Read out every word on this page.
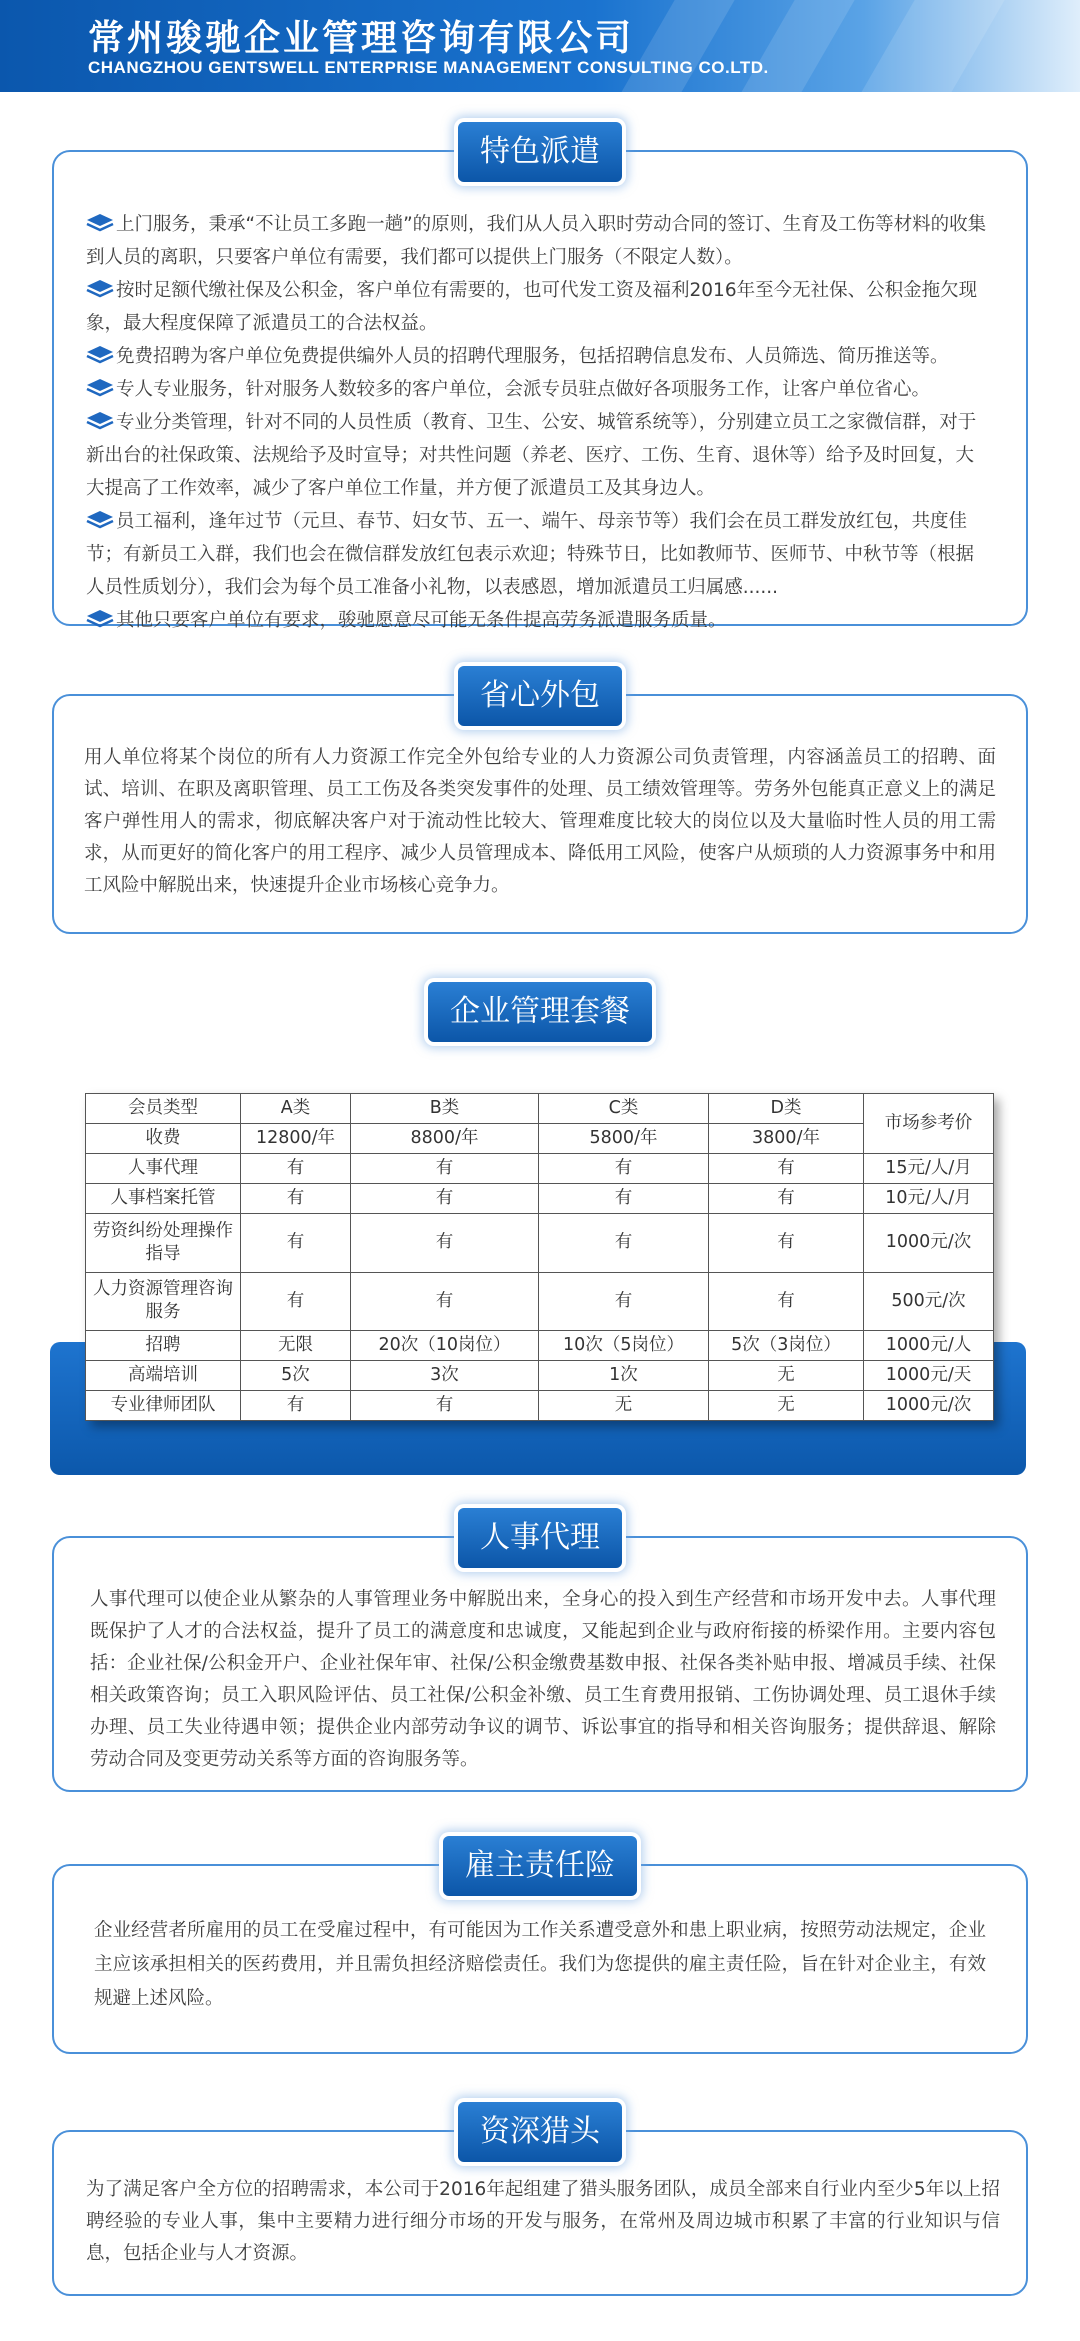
常州骏驰企业管理咨询有限公司
CHANGZHOU GENTSWELL ENTERPRISE MANAGEMENT CONSULTING CO.LTD.
特色派遣
上门服务，秉承“不让员工多跑一趟”的原则，我们从人员入职时劳动合同的签订、生育及工伤等材料的收集到人员的离职，只要客户单位有需要，我们都可以提供上门服务（不限定人数）。
按时足额代缴社保及公积金，客户单位有需要的，也可代发工资及福利2016年至今无社保、公积金拖欠现象，最大程度保障了派遣员工的合法权益。
免费招聘为客户单位免费提供编外人员的招聘代理服务，包括招聘信息发布、人员筛选、简历推送等。
专人专业服务，针对服务人数较多的客户单位，会派专员驻点做好各项服务工作，让客户单位省心。
专业分类管理，针对不同的人员性质（教育、卫生、公安、城管系统等），分别建立员工之家微信群，对于新出台的社保政策、法规给予及时宣导；对共性问题（养老、医疗、工伤、生育、退休等）给予及时回复，大大提高了工作效率，减少了客户单位工作量，并方便了派遣员工及其身边人。
员工福利，逢年过节（元旦、春节、妇女节、五一、端午、母亲节等）我们会在员工群发放红包，共度佳节；有新员工入群，我们也会在微信群发放红包表示欢迎；特殊节日，比如教师节、医师节、中秋节等（根据人员性质划分），我们会为每个员工准备小礼物，以表感恩，增加派遣员工归属感......
其他只要客户单位有要求，骏驰愿意尽可能无条件提高劳务派遣服务质量。
省心外包
用人单位将某个岗位的所有人力资源工作完全外包给专业的人力资源公司负责管理，内容涵盖员工的招聘、面试、培训、在职及离职管理、员工工伤及各类突发事件的处理、员工绩效管理等。劳务外包能真正意义上的满足客户弹性用人的需求，彻底解决客户对于流动性比较大、管理难度比较大的岗位以及大量临时性人员的用工需求，从而更好的简化客户的用工程序、减少人员管理成本、降低用工风险，使客户从烦琐的人力资源事务中和用工风险中解脱出来，快速提升企业市场核心竞争力。
企业管理套餐
会员类型	A类	B类	C类	D类	市场参考价
收费	12800/年	8800/年	5800/年	3800/年	
人事代理	有	有	有	有	15元/人/月
人事档案托管	有	有	有	有	10元/人/月
劳资纠纷处理操作指导	有	有	有	有	1000元/次
人力资源管理咨询服务	有	有	有	有	500元/次
招聘	无限	20次（10岗位）	10次（5岗位）	5次（3岗位）	1000元/人
高端培训	5次	3次	1次	无	1000元/天
专业律师团队	有	有	无	无	1000元/次
人事代理
人事代理可以使企业从繁杂的人事管理业务中解脱出来，全身心的投入到生产经营和市场开发中去。人事代理既保护了人才的合法权益，提升了员工的满意度和忠诚度，又能起到企业与政府衔接的桥梁作用。主要内容包括：企业社保/公积金开户、企业社保年审、社保/公积金缴费基数申报、社保各类补贴申报、增减员手续、社保相关政策咨询；员工入职风险评估、员工社保/公积金补缴、员工生育费用报销、工伤协调处理、员工退休手续办理、员工失业待遇申领；提供企业内部劳动争议的调节、诉讼事宜的指导和相关咨询服务；提供辞退、解除劳动合同及变更劳动关系等方面的咨询服务等。
雇主责任险
企业经营者所雇用的员工在受雇过程中，有可能因为工作关系遭受意外和患上职业病，按照劳动法规定，企业主应该承担相关的医药费用，并且需负担经济赔偿责任。我们为您提供的雇主责任险，旨在针对企业主，有效规避上述风险。
资深猎头
为了满足客户全方位的招聘需求，本公司于2016年起组建了猎头服务团队，成员全部来自行业内至少5年以上招聘经验的专业人事，集中主要精力进行细分市场的开发与服务，在常州及周边城市积累了丰富的行业知识与信息，包括企业与人才资源。
